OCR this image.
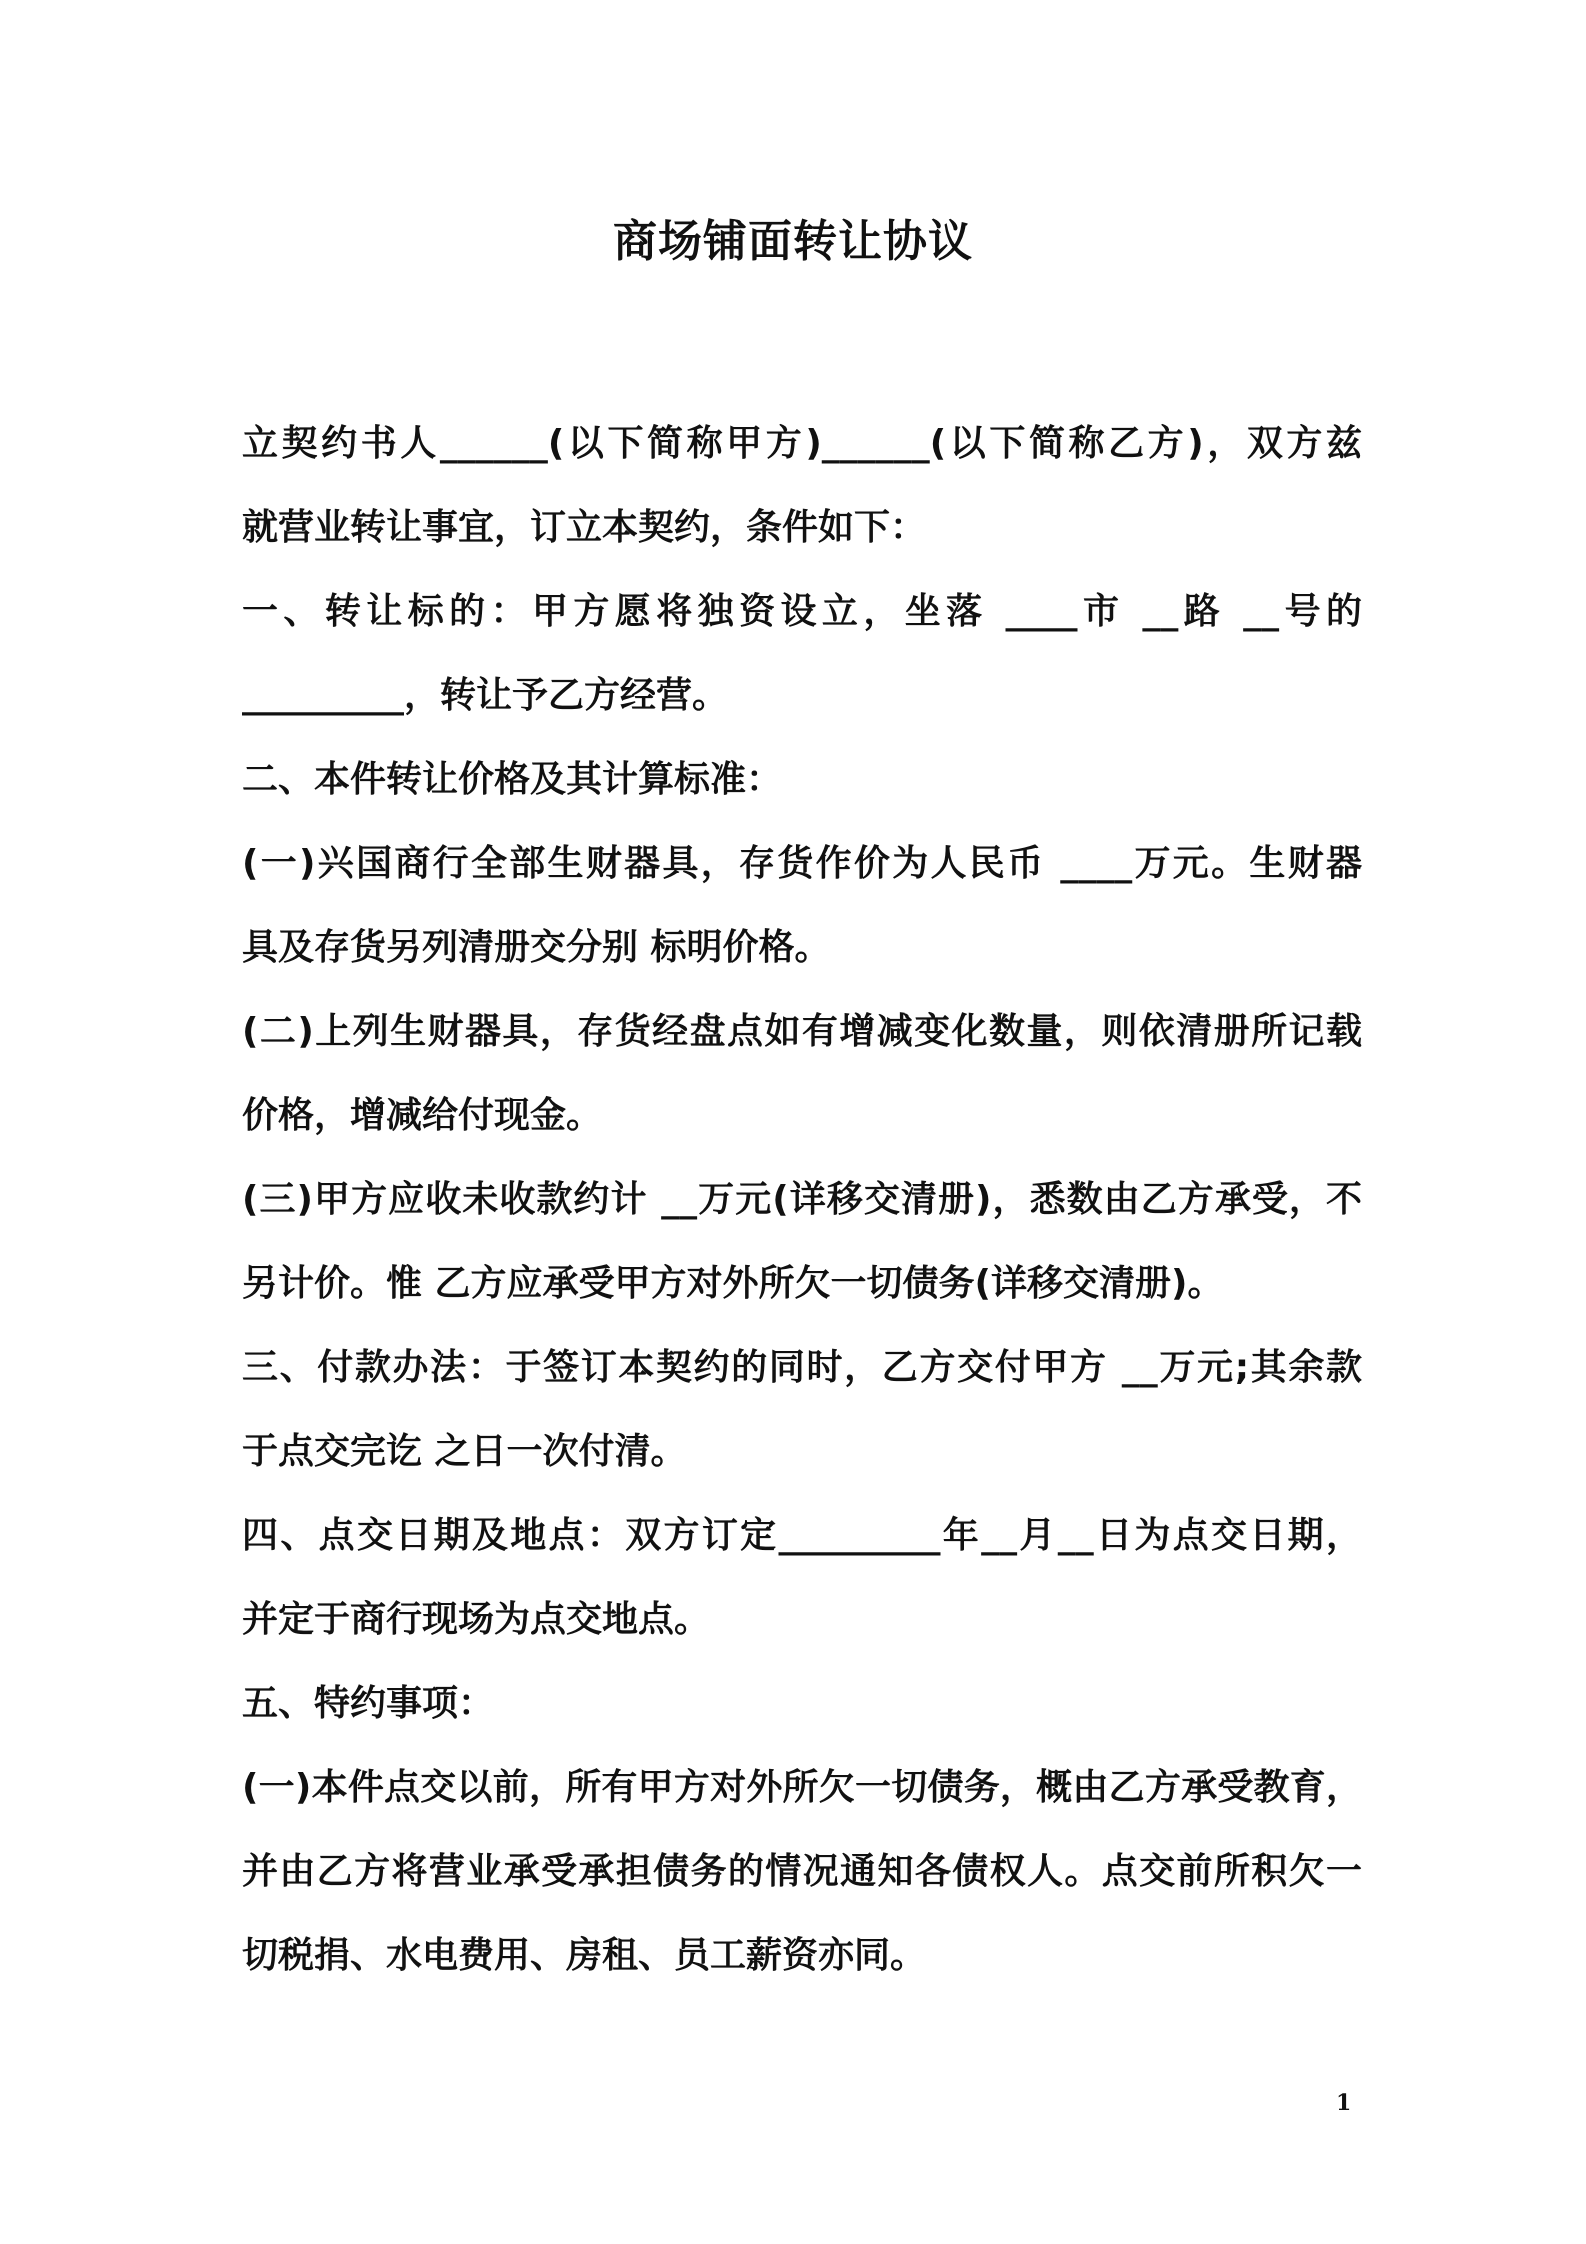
商场铺面转让协议
立契约书人______(以下简称甲方)______(以下简称乙方)，双方兹
就营业转让事宜，订立本契约，条件如下：
一、转让标的：甲方愿将独资设立，坐落 ____市 __路 __号的
_________，转让予乙方经营。
二、本件转让价格及其计算标准：
(一)兴国商行全部生财器具，存货作价为人民币 ____万元。生财器
具及存货另列清册交分别 标明价格。
(二)上列生财器具，存货经盘点如有增减变化数量，则依清册所记载
价格，增减给付现金。
(三)甲方应收未收款约计 __万元(详移交清册)，悉数由乙方承受，不
另计价。惟 乙方应承受甲方对外所欠一切债务(详移交清册)。
三、付款办法：于签订本契约的同时，乙方交付甲方 __万元;其余款
于点交完讫 之日一次付清。
四、点交日期及地点：双方订定_________年__月__日为点交日期，
并定于商行现场为点交地点。
五、特约事项：
(一)本件点交以前，所有甲方对外所欠一切债务，概由乙方承受教育，
并由乙方将营业承受承担债务的情况通知各债权人。点交前所积欠一
切税捐、水电费用、房租、员工薪资亦同。
1
